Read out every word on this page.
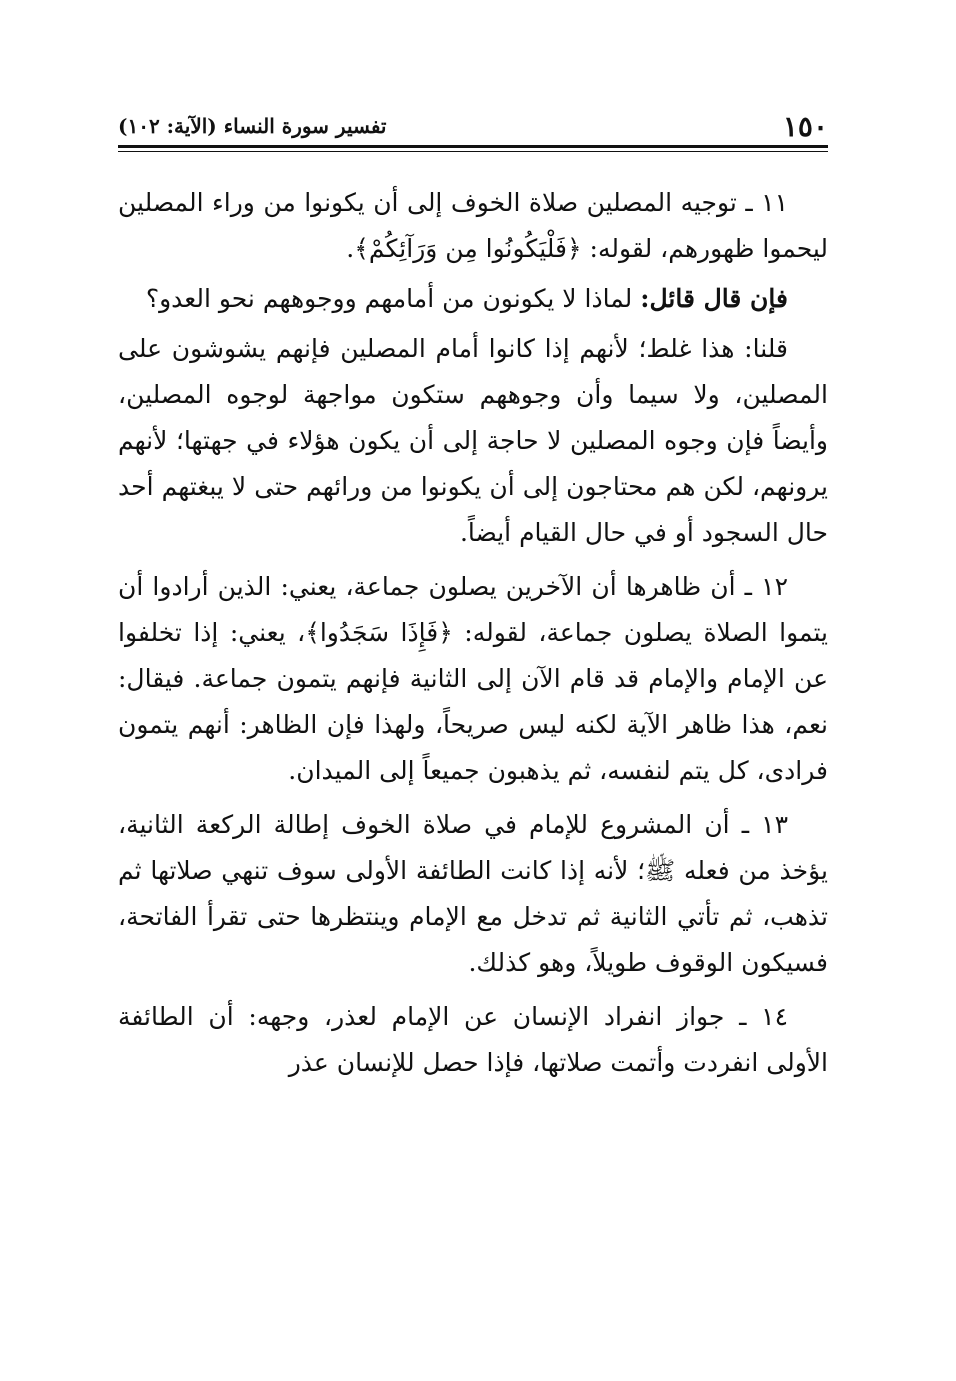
١٥٠
تفسير سورة النساء (الآية: ١٠٢)

١١ ـ توجيه المصلين صلاة الخوف إلى أن يكونوا من وراء المصلين ليحموا ظهورهم، لقوله: ﴿فَلْيَكُونُوا مِن وَرَآئِكُمْ﴾.

فإن قال قائل: لماذا لا يكونون من أمامهم ووجوههم نحو العدو؟

قلنا: هذا غلط؛ لأنهم إذا كانوا أمام المصلين فإنهم يشوشون على المصلين، ولا سيما وأن وجوههم ستكون مواجهة لوجوه المصلين، وأيضاً فإن وجوه المصلين لا حاجة إلى أن يكون هؤلاء في جهتها؛ لأنهم يرونهم، لكن هم محتاجون إلى أن يكونوا من ورائهم حتى لا يبغتهم أحد حال السجود أو في حال القيام أيضاً.

١٢ ـ أن ظاهرها أن الآخرين يصلون جماعة، يعني: الذين أرادوا أن يتموا الصلاة يصلون جماعة، لقوله: ﴿فَإِذَا سَجَدُوا﴾، يعني: إذا تخلفوا عن الإمام والإمام قد قام الآن إلى الثانية فإنهم يتمون جماعة. فيقال: نعم، هذا ظاهر الآية لكنه ليس صريحاً، ولهذا فإن الظاهر: أنهم يتمون فرادى، كل يتم لنفسه، ثم يذهبون جميعاً إلى الميدان.

١٣ ـ أن المشروع للإمام في صلاة الخوف إطالة الركعة الثانية، يؤخذ من فعله ﷺ؛ لأنه إذا كانت الطائفة الأولى سوف تنهي صلاتها ثم تذهب، ثم تأتي الثانية ثم تدخل مع الإمام وينتظرها حتى تقرأ الفاتحة، فسيكون الوقوف طويلاً، وهو كذلك.

١٤ ـ جواز انفراد الإنسان عن الإمام لعذر، وجهه: أن الطائفة الأولى انفردت وأتمت صلاتها، فإذا حصل للإنسان عذر
